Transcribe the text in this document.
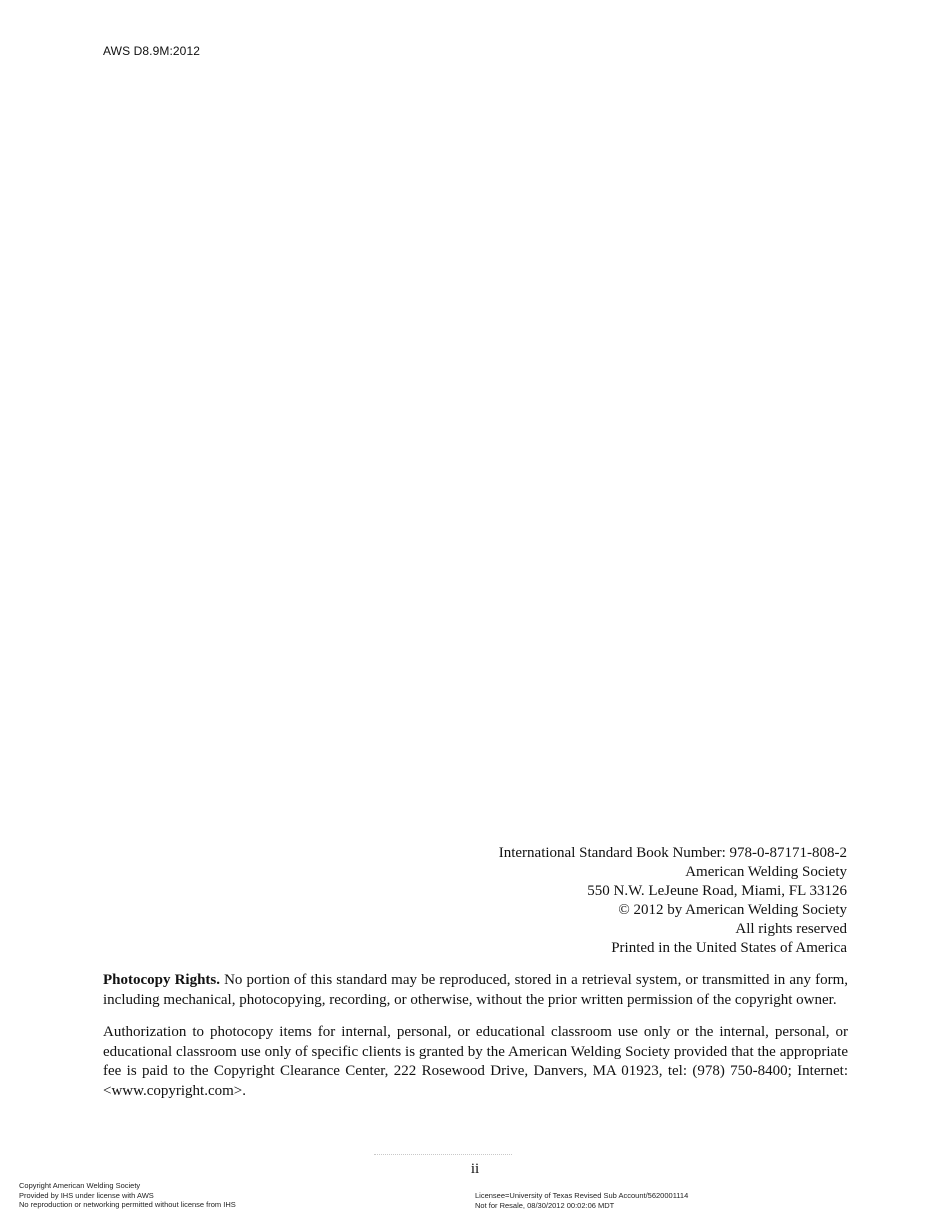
AWS D8.9M:2012
International Standard Book Number: 978-0-87171-808-2
American Welding Society
550 N.W. LeJeune Road, Miami, FL 33126
© 2012 by American Welding Society
All rights reserved
Printed in the United States of America

Photocopy Rights. No portion of this standard may be reproduced, stored in a retrieval system, or transmitted in any form, including mechanical, photocopying, recording, or otherwise, without the prior written permission of the copyright owner.

Authorization to photocopy items for internal, personal, or educational classroom use only or the internal, personal, or educational classroom use only of specific clients is granted by the American Welding Society provided that the appropriate fee is paid to the Copyright Clearance Center, 222 Rosewood Drive, Danvers, MA 01923, tel: (978) 750-8400; Internet: <www.copyright.com>.

ii
Copyright American Welding Society
Provided by IHS under license with AWS
No reproduction or networking permitted without license from IHS
Licensee=University of Texas Revised Sub Account/5620001114
Not for Resale, 08/30/2012 00:02:06 MDT
